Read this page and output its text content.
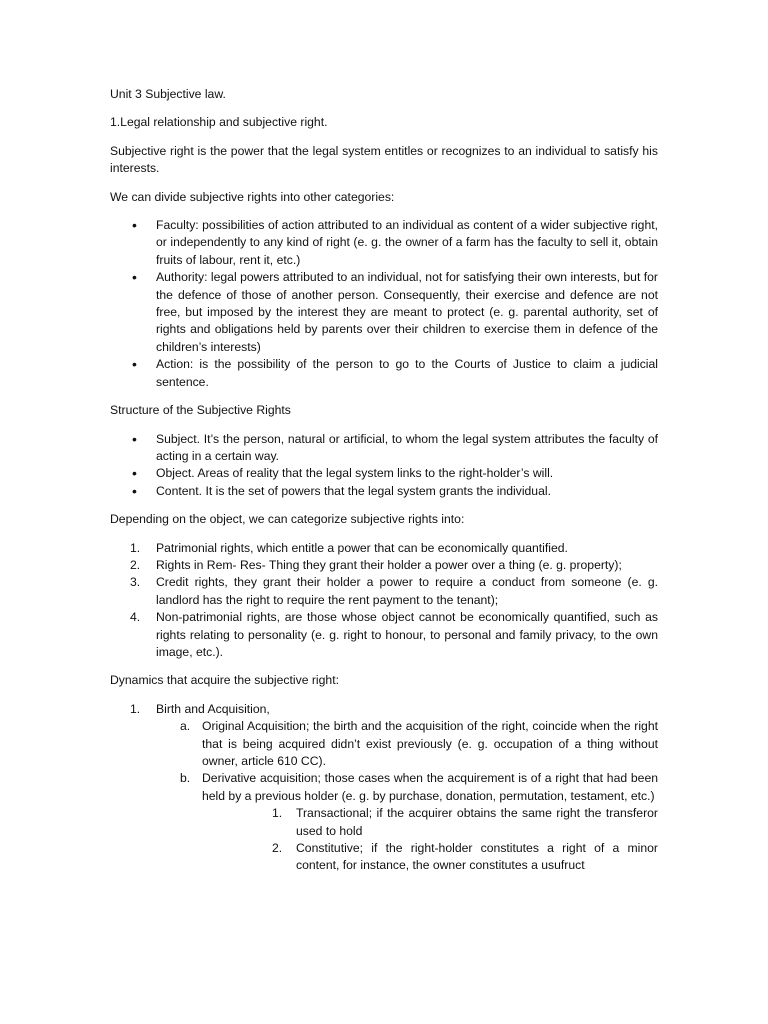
Unit 3 Subjective law.

1.Legal relationship and subjective right.

Subjective right is the power that the legal system entitles or recognizes to an individual to satisfy his interests.

We can divide subjective rights into other categories:

• Faculty: possibilities of action attributed to an individual as content of a wider subjective right, or independently to any kind of right (e. g. the owner of a farm has the faculty to sell it, obtain fruits of labour, rent it, etc.)
• Authority: legal powers attributed to an individual, not for satisfying their own interests, but for the defence of those of another person. Consequently, their exercise and defence are not free, but imposed by the interest they are meant to protect (e. g. parental authority, set of rights and obligations held by parents over their children to exercise them in defence of the children’s interests)
• Action: is the possibility of the person to go to the Courts of Justice to claim a judicial sentence.

Structure of the Subjective Rights

• Subject. It’s the person, natural or artificial, to whom the legal system attributes the faculty of acting in a certain way.
• Object. Areas of reality that the legal system links to the right-holder’s will.
• Content. It is the set of powers that the legal system grants the individual.

Depending on the object, we can categorize subjective rights into:

1. Patrimonial rights, which entitle a power that can be economically quantified.
2. Rights in Rem- Res- Thing they grant their holder a power over a thing (e. g. property);
3. Credit rights, they grant their holder a power to require a conduct from someone (e. g. landlord has the right to require the rent payment to the tenant);
4. Non-patrimonial rights, are those whose object cannot be economically quantified, such as rights relating to personality (e. g. right to honour, to personal and family privacy, to the own image, etc.).

Dynamics that acquire the subjective right:

1. Birth and Acquisition,
a. Original Acquisition; the birth and the acquisition of the right, coincide when the right that is being acquired didn’t exist previously (e. g. occupation of a thing without owner, article 610 CC).
b. Derivative acquisition; those cases when the acquirement is of a right that had been held by a previous holder (e. g. by purchase, donation, permutation, testament, etc.)
1. Transactional; if the acquirer obtains the same right the transferor used to hold
2. Constitutive; if the right-holder constitutes a right of a minor content, for instance, the owner constitutes a usufruct
